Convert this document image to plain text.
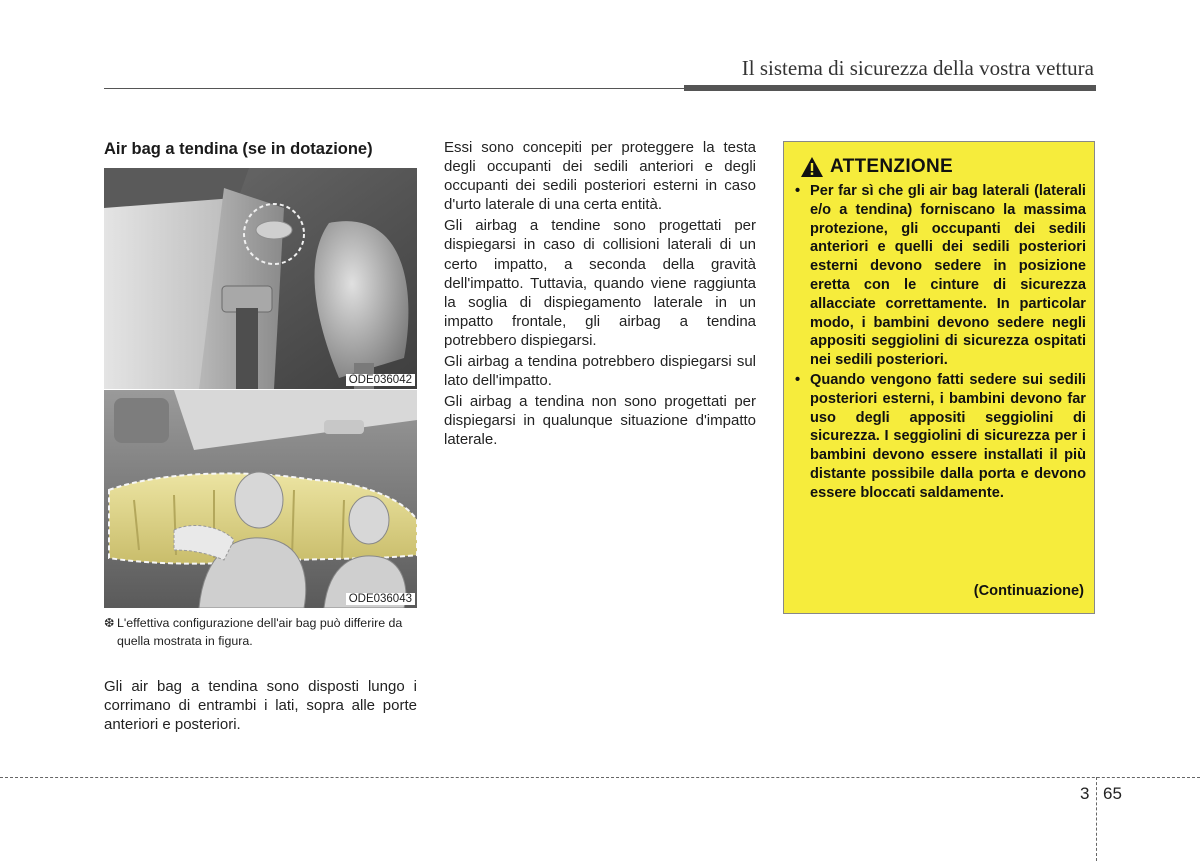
Il sistema di sicurezza della vostra vettura
Air bag a tendina (se in dotazione)
ODE036042
ODE036043
❆ L'effettiva configurazione dell'air bag può differire da quella mostrata in figura.
Gli air bag a tendina sono disposti lungo i corrimano di entrambi i lati, sopra alle porte anteriori e posteriori.

Essi sono concepiti per proteggere la testa degli occupanti dei sedili anteriori e degli occupanti dei sedili posteriori esterni in caso d'urto laterale di una certa entità.

Gli airbag a tendine sono progettati per dispiegarsi in caso di collisioni laterali di un certo impatto, a seconda della gravità dell'impatto. Tuttavia, quando viene raggiunta la soglia di dispiegamento laterale in un impatto frontale, gli airbag a tendina potrebbero dispiegarsi.

Gli airbag a tendina potrebbero dispiegarsi sul lato dell'impatto.

Gli airbag a tendina non sono progettati per dispiegarsi in qualunque situazione d'impatto laterale.

ATTENZIONE
• Per far sì che gli air bag laterali (laterali e/o a tendina) forniscano la massima protezione, gli occupanti dei sedili anteriori e quelli dei sedili posteriori esterni devono sedere in posizione eretta con le cinture di sicurezza allacciate correttamente. In particolar modo, i bambini devono sedere negli appositi seggiolini di sicurezza ospitati nei sedili posteriori.
• Quando vengono fatti sedere sui sedili posteriori esterni, i bambini devono far uso degli appositi seggiolini di sicurezza. I seggiolini di sicurezza per i bambini devono essere installati il più distante possibile dalla porta e devono essere bloccati saldamente.
(Continuazione)
3 65
